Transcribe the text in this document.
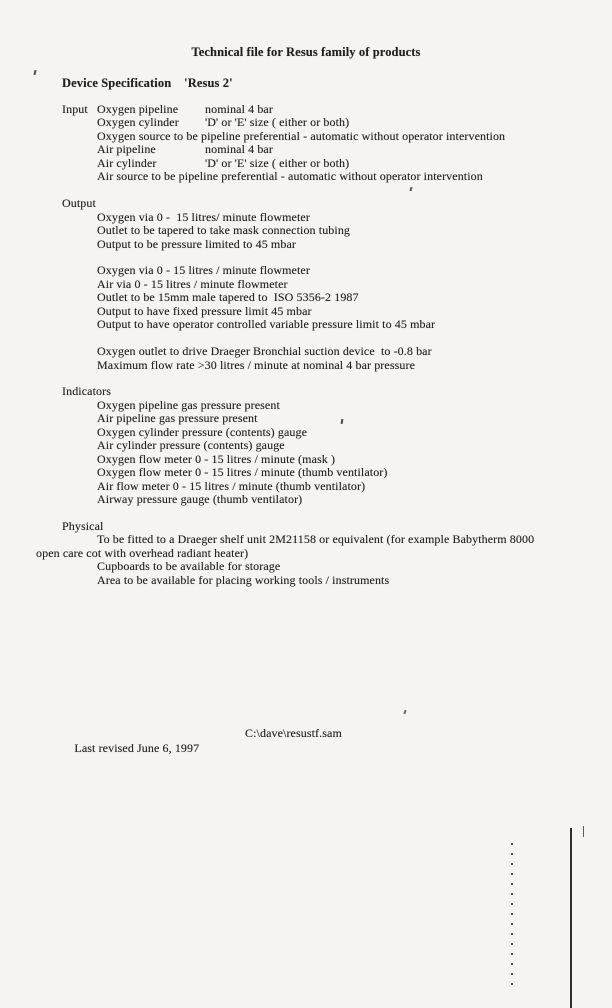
Technical file for Resus family of products
Device Specification    'Resus 2'
Input Oxygen pipeline nominal 4 bar
Oxygen cylinder 'D' or 'E' size ( either or both)
Oxygen source to be pipeline preferential - automatic without operator intervention
Air pipeline	nominal 4 bar
Air cylinder	'D' or 'E' size ( either or both)
Air source to be pipeline preferential - automatic without operator intervention
Output
Oxygen via 0 -  15 litres/ minute flowmeter
Outlet to be tapered to take mask connection tubing
Output to be pressure limited to 45 mbar
Oxygen via 0 - 15 litres / minute flowmeter
Air via 0 - 15 litres / minute flowmeter
Outlet to be 15mm male tapered to  ISO 5356-2 1987
Output to have fixed pressure limit 45 mbar
Output to have operator controlled variable pressure limit to 45 mbar
Oxygen outlet to drive Draeger Bronchial suction device  to -0.8 bar
Maximum flow rate >30 litres / minute at nominal 4 bar pressure
Indicators
Oxygen pipeline gas pressure present
Air pipeline gas pressure present
Oxygen cylinder pressure (contents) gauge
Air cylinder pressure (contents) gauge
Oxygen flow meter 0 - 15 litres / minute (mask )
Oxygen flow meter 0 - 15 litres / minute (thumb ventilator)
Air flow meter 0 - 15 litres / minute (thumb ventilator)
Airway pressure gauge (thumb ventilator)
Physical
To be fitted to a Draeger shelf unit 2M21158 or equivalent (for example Babytherm 8000
open care cot with overhead radiant heater)
Cupboards to be available for storage
Area to be available for placing working tools / instruments

Last revised June 6, 1997

C:\dave\resustf.sam
